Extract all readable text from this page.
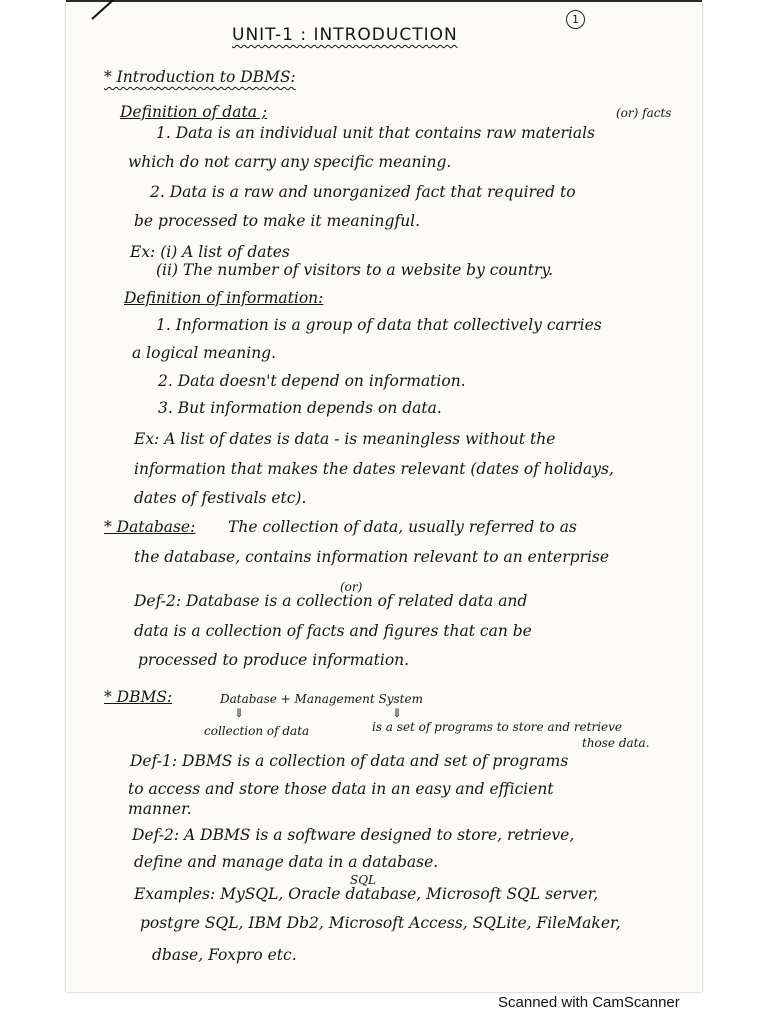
1
UNIT-1 : INTRODUCTION
* Introduction to DBMS:
Definition of data ;	(or) facts
1. Data is an individual unit that contains raw materials
which do not carry any specific meaning.
2. Data is a raw and unorganized fact that required to
be processed to make it meaningful.
Ex: (i) A list of dates
(ii) The number of visitors to a website by country.
Definition of information:
1. Information is a group of data that collectively carries
a logical meaning.
2. Data doesn't depend on information.
3. But information depends on data.
Ex: A list of dates is data - is meaningless without the
information that makes the dates relevant (dates of holidays,
dates of festivals etc).
* Database: The collection of data, usually referred to as
the database, contains information relevant to an enterprise
(or)
Def-2: Database is a collection of related data and
data is a collection of facts and figures that can be
processed to produce information.
* DBMS:	Database + Management System
⇓	⇓
collection of data	is a set of programs to store and retrieve
those data.
Def-1: DBMS is a collection of data and set of programs
to access and store those data in an easy and efficient
manner.
Def-2: A DBMS is a software designed to store, retrieve,
define and manage data in a database.
SQL
Examples: MySQL, Oracle database, Microsoft SQL server,
postgre SQL, IBM Db2, Microsoft Access, SQLite, FileMaker,
dbase, Foxpro etc.
Scanned with CamScanner
